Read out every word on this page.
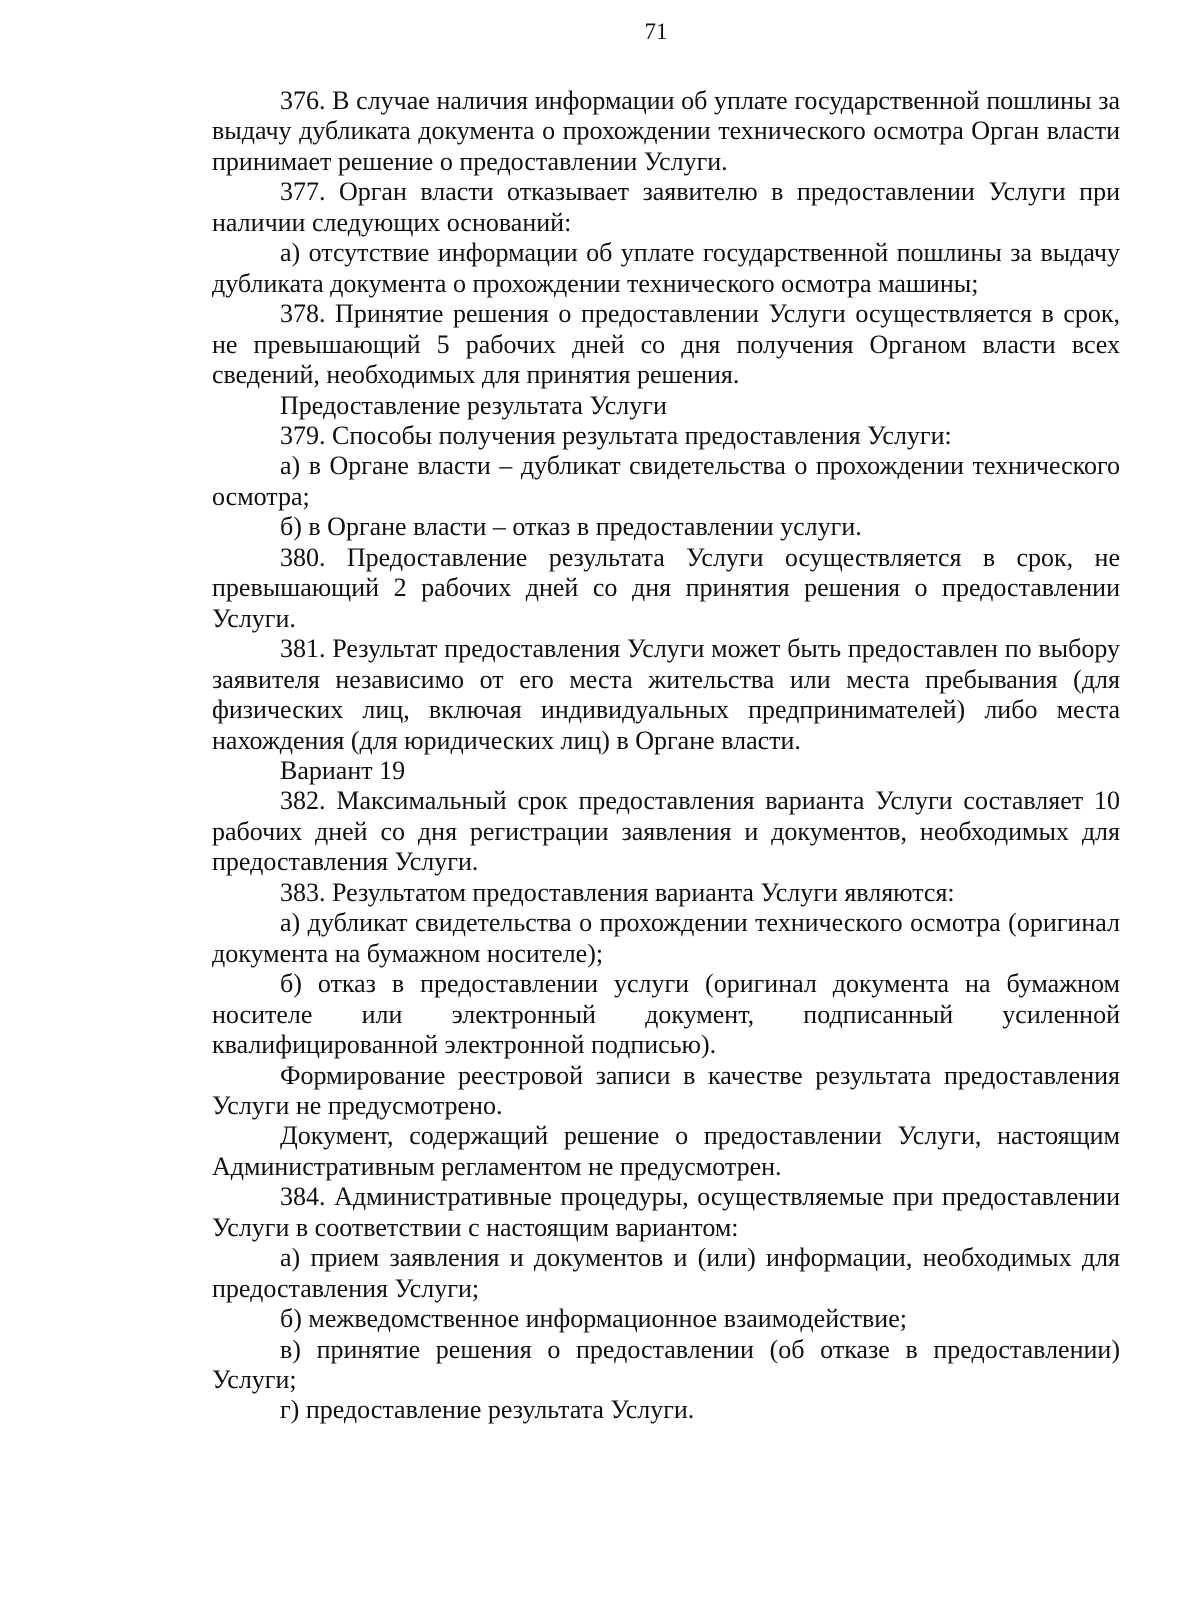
71

376. В случае наличия информации об уплате государственной пошлины за выдачу дубликата документа о прохождении технического осмотра Орган власти принимает решение о предоставлении Услуги.

377. Орган власти отказывает заявителю в предоставлении Услуги при наличии следующих оснований:

а) отсутствие информации об уплате государственной пошлины за выдачу дубликата документа о прохождении технического осмотра машины;

378. Принятие решения о предоставлении Услуги осуществляется в срок, не превышающий 5 рабочих дней со дня получения Органом власти всех сведений, необходимых для принятия решения.

Предоставление результата Услуги

379. Способы получения результата предоставления Услуги:

а) в Органе власти – дубликат свидетельства о прохождении технического осмотра;

б) в Органе власти – отказ в предоставлении услуги.

380. Предоставление результата Услуги осуществляется в срок, не превышающий 2 рабочих дней со дня принятия решения о предоставлении Услуги.

381. Результат предоставления Услуги может быть предоставлен по выбору заявителя независимо от его места жительства или места пребывания (для физических лиц, включая индивидуальных предпринимателей) либо места нахождения (для юридических лиц) в Органе власти.

Вариант 19

382. Максимальный срок предоставления варианта Услуги составляет 10 рабочих дней со дня регистрации заявления и документов, необходимых для предоставления Услуги.

383. Результатом предоставления варианта Услуги являются:

а) дубликат свидетельства о прохождении технического осмотра (оригинал документа на бумажном носителе);

б) отказ в предоставлении услуги (оригинал документа на бумажном носителе или электронный документ, подписанный усиленной квалифицированной электронной подписью).

Формирование реестровой записи в качестве результата предоставления Услуги не предусмотрено.

Документ, содержащий решение о предоставлении Услуги, настоящим Административным регламентом не предусмотрен.

384. Административные процедуры, осуществляемые при предоставлении Услуги в соответствии с настоящим вариантом:

а) прием заявления и документов и (или) информации, необходимых для предоставления Услуги;

б) межведомственное информационное взаимодействие;

в) принятие решения о предоставлении (об отказе в предоставлении) Услуги;

г) предоставление результата Услуги.
